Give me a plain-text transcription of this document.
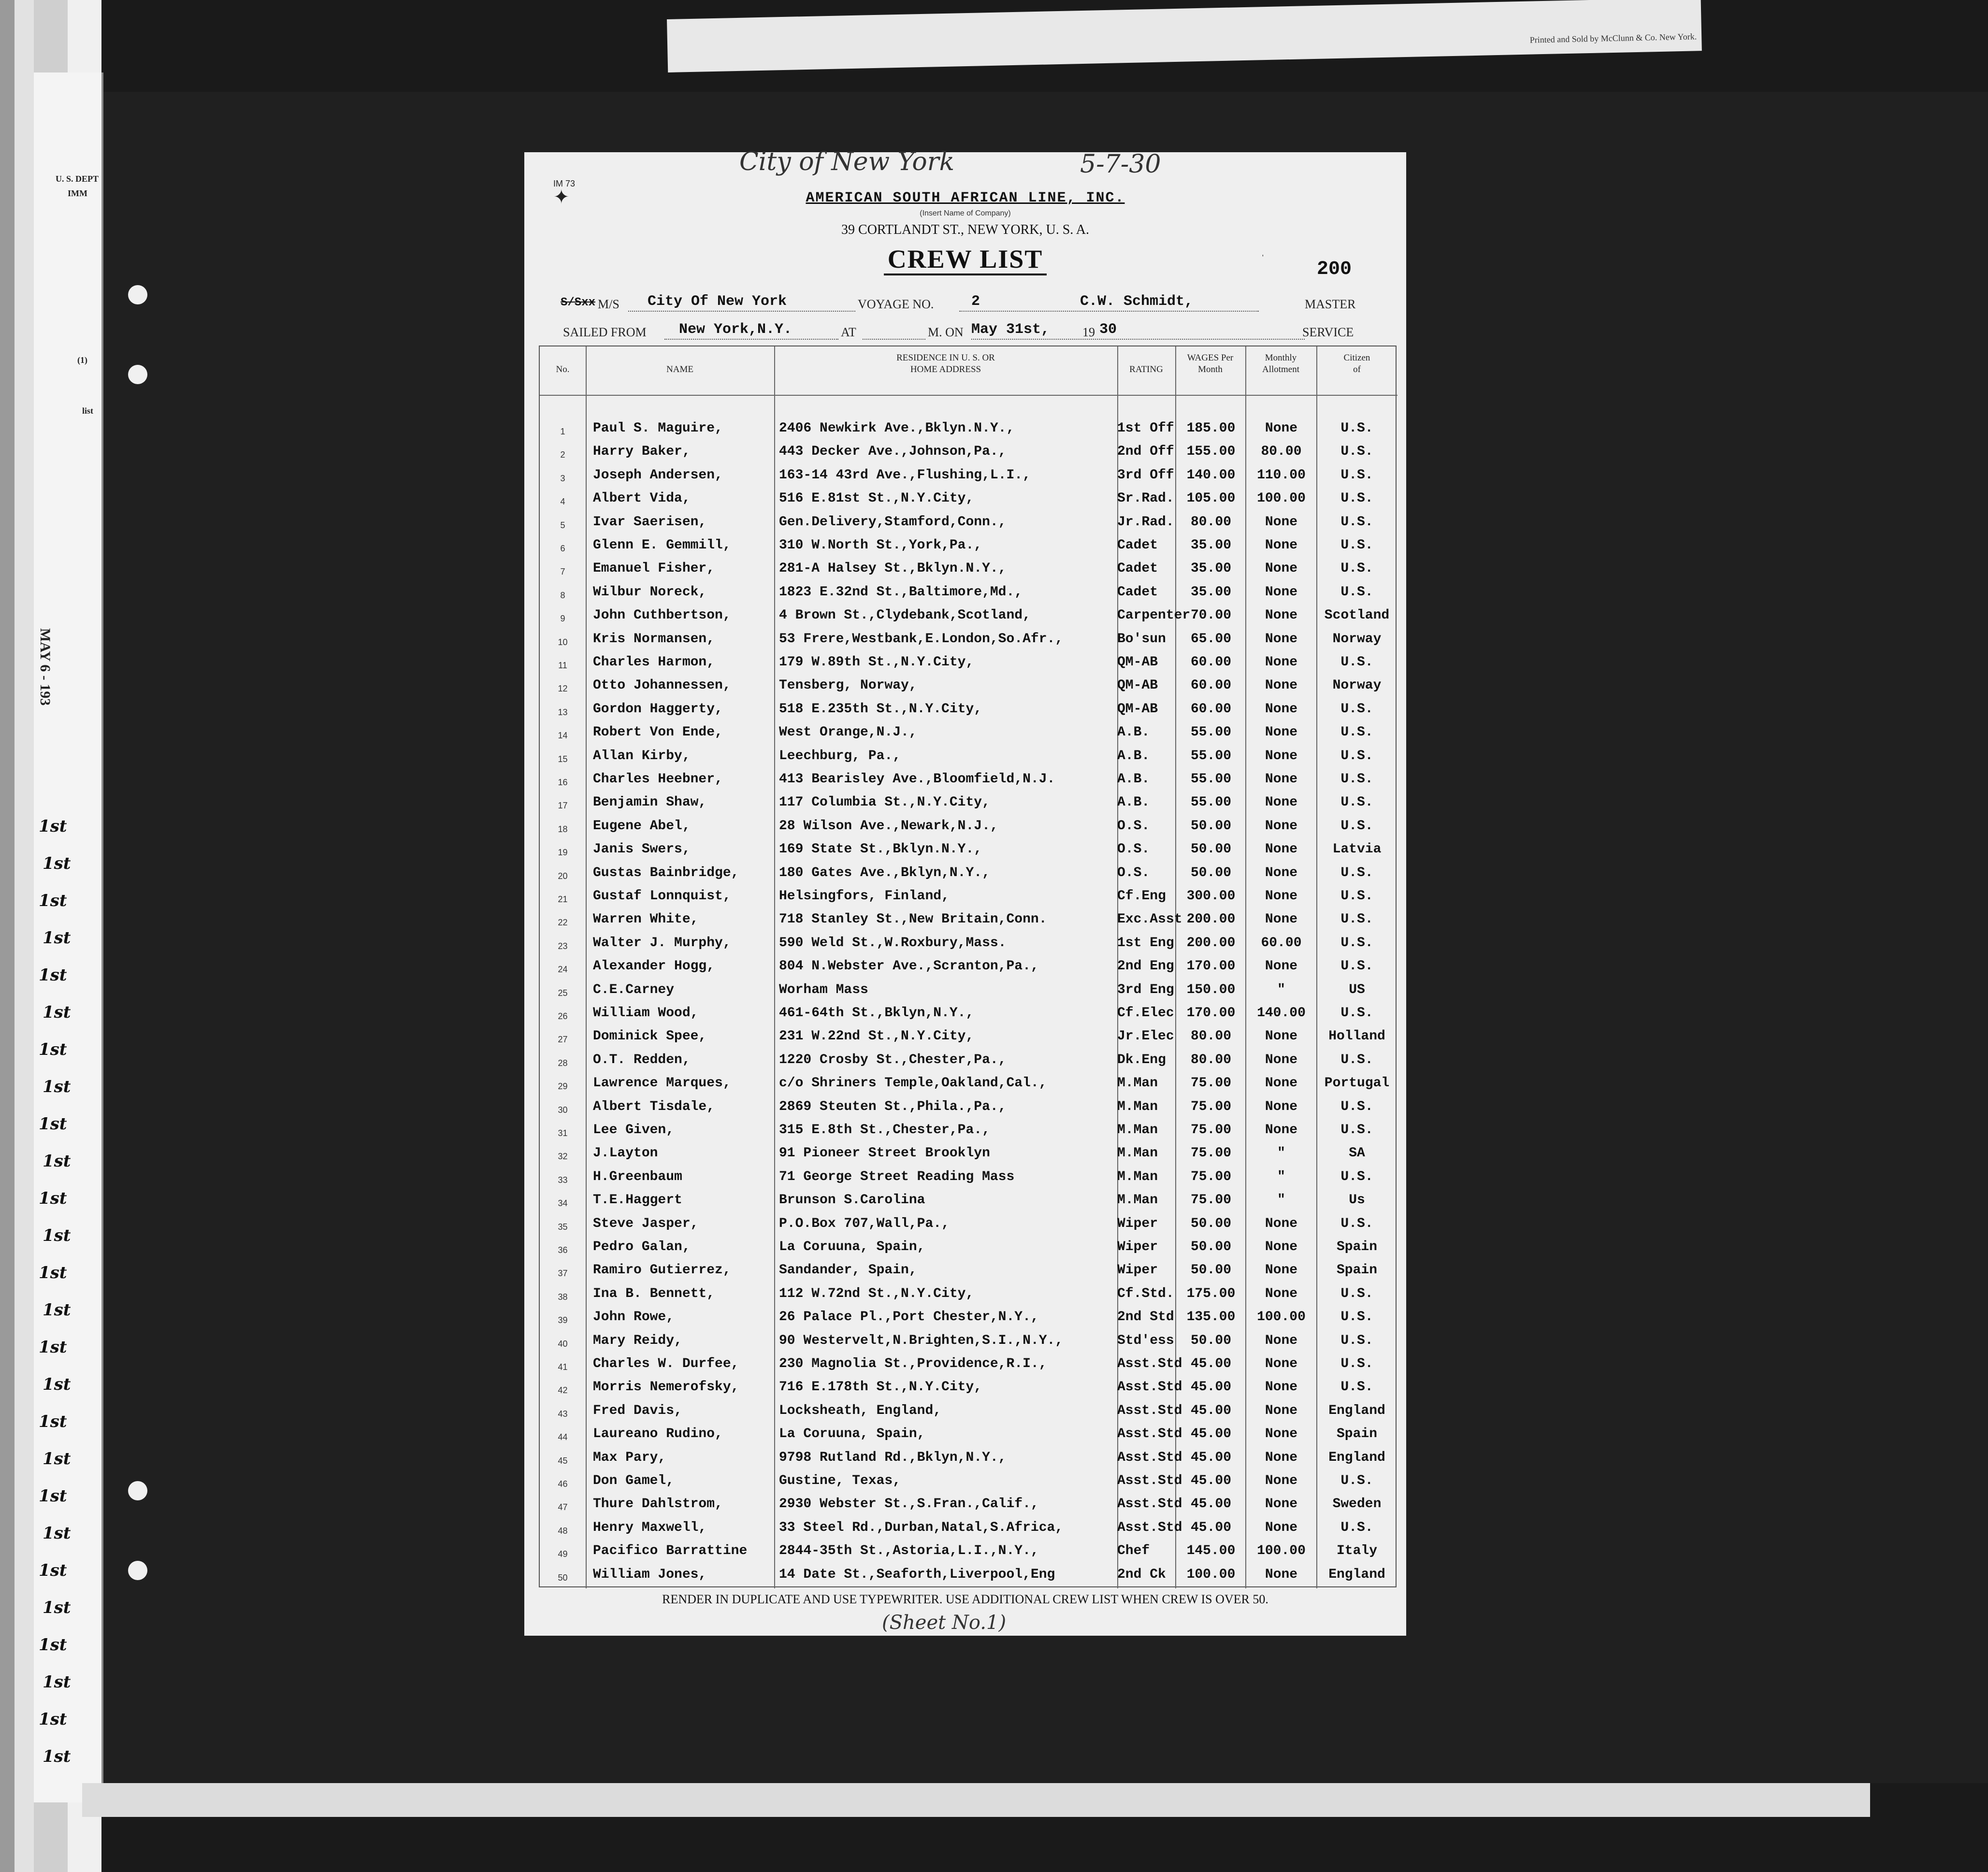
Printed and Sold by McClunn & Co. New York.
U. S. DEPT
IMM
(1)
list
MAY 6 - 193
1st
1st
1st
1st
1st
1st
1st
1st
1st
1st
1st
1st
1st
1st
1st
1st
1st
1st
1st
1st
1st
1st
1st
1st
1st
1st
IM 73
✦
City of New York	5-7-30
AMERICAN SOUTH AFRICAN LINE, INC.
(Insert Name of Company)
39 CORTLANDT ST., NEW YORK, U. S. A.
CREW LIST	ˈ	200
S/Sxx M/S City Of New York	VOYAGE NO.	2	C.W. Schmidt,	MASTER
SAILED FROM New York,N.Y.	AT	M. ON May 31st,	19 30	SERVICE
No.	NAME
RESIDENCE IN U. S. OR HOME ADDRESS	RATING
WAGES Per Month
Monthly Allotment
Citizen of
1	Paul S. Maguire,	2406 Newkirk Ave.,Bklyn.N.Y.,	1st Off 185.00	None	U.S.
2	Harry Baker,	443 Decker Ave.,Johnson,Pa.,	2nd Off 155.00	80.00	U.S.
3	Joseph Andersen,	163-14 43rd Ave.,Flushing,L.I.,	3rd Off 140.00	110.00	U.S.
4	Albert Vida,	516 E.81st St.,N.Y.City,	Sr.Rad. 105.00	100.00	U.S.
5	Ivar Saerisen,	Gen.Delivery,Stamford,Conn.,	Jr.Rad.	80.00	None	U.S.
6	Glenn E. Gemmill,	310 W.North St.,York,Pa.,	Cadet	35.00	None	U.S.
7	Emanuel Fisher,	281-A Halsey St.,Bklyn.N.Y.,	Cadet	35.00	None	U.S.
8	Wilbur Noreck,	1823 E.32nd St.,Baltimore,Md.,	Cadet	35.00	None	U.S.
9	John Cuthbertson,	4 Brown St.,Clydebank,Scotland,	Carpenter 70.00	None	Scotland
10	Kris Normansen,	53 Frere,Westbank,E.London,So.Afr.,	Bo'sun	65.00	None	Norway
11	Charles Harmon,	179 W.89th St.,N.Y.City,	QM-AB	60.00	None	U.S.
12	Otto Johannessen,	Tensberg, Norway,	QM-AB	60.00	None	Norway
13	Gordon Haggerty,	518 E.235th St.,N.Y.City,	QM-AB	60.00	None	U.S.
14	Robert Von Ende,	West Orange,N.J.,	A.B.	55.00	None	U.S.
15	Allan Kirby,	Leechburg, Pa.,	A.B.	55.00	None	U.S.
16	Charles Heebner,	413 Bearisley Ave.,Bloomfield,N.J.	A.B.	55.00	None	U.S.
17	Benjamin Shaw,	117 Columbia St.,N.Y.City,	A.B.	55.00	None	U.S.
18	Eugene Abel,	28 Wilson Ave.,Newark,N.J.,	O.S.	50.00	None	U.S.
19	Janis Swers,	169 State St.,Bklyn.N.Y.,	O.S.	50.00	None	Latvia
20	Gustas Bainbridge,	180 Gates Ave.,Bklyn,N.Y.,	O.S.	50.00	None	U.S.
21	Gustaf Lonnquist,	Helsingfors, Finland,	Cf.Eng	300.00	None	U.S.
22	Warren White,	718 Stanley St.,New Britain,Conn.	Exc.Asst 200.00	None	U.S.
23	Walter J. Murphy,	590 Weld St.,W.Roxbury,Mass.	1st Eng 200.00	60.00	U.S.
24	Alexander Hogg,	804 N.Webster Ave.,Scranton,Pa.,	2nd Eng 170.00	None	U.S.
25	C.E.Carney	Worham Mass	3rd Eng 150.00	"	US
26	William Wood,	461-64th St.,Bklyn,N.Y.,	Cf.Elec 170.00	140.00	U.S.
27	Dominick Spee,	231 W.22nd St.,N.Y.City,	Jr.Elec	80.00	None	Holland
28	O.T. Redden,	1220 Crosby St.,Chester,Pa.,	Dk.Eng	80.00	None	U.S.
29	Lawrence Marques,	c/o Shriners Temple,Oakland,Cal.,	M.Man	75.00	None	Portugal
30	Albert Tisdale,	2869 Steuten St.,Phila.,Pa.,	M.Man	75.00	None	U.S.
31	Lee Given,	315 E.8th St.,Chester,Pa.,	M.Man	75.00	None	U.S.
32	J.Layton	91 Pioneer Street Brooklyn	M.Man	75.00	"	SA
33	H.Greenbaum	71 George Street Reading Mass	M.Man	75.00	"	U.S.
34	T.E.Haggert	Brunson S.Carolina	M.Man	75.00	"	Us
35	Steve Jasper,	P.O.Box 707,Wall,Pa.,	Wiper	50.00	None	U.S.
36	Pedro Galan,	La Coruuna, Spain,	Wiper	50.00	None	Spain
37	Ramiro Gutierrez,	Sandander, Spain,	Wiper	50.00	None	Spain
38	Ina B. Bennett,	112 W.72nd St.,N.Y.City,	Cf.Std. 175.00	None	U.S.
39	John Rowe,	26 Palace Pl.,Port Chester,N.Y.,	2nd Std 135.00	100.00	U.S.
40	Mary Reidy,	90 Westervelt,N.Brighten,S.I.,N.Y.,	Std'ess	50.00	None	U.S.
41	Charles W. Durfee,	230 Magnolia St.,Providence,R.I.,	Asst.Std 45.00	None	U.S.
42	Morris Nemerofsky,	716 E.178th St.,N.Y.City,	Asst.Std 45.00	None	U.S.
43	Fred Davis,	Locksheath, England,	Asst.Std 45.00	None	England
44	Laureano Rudino,	La Coruuna, Spain,	Asst.Std 45.00	None	Spain
45	Max Pary,	9798 Rutland Rd.,Bklyn,N.Y.,	Asst.Std 45.00	None	England
46	Don Gamel,	Gustine, Texas,	Asst.Std 45.00	None	U.S.
47	Thure Dahlstrom,	2930 Webster St.,S.Fran.,Calif.,	Asst.Std 45.00	None	Sweden
48	Henry Maxwell,	33 Steel Rd.,Durban,Natal,S.Africa,	Asst.Std 45.00	None	U.S.
49	Pacifico Barrattine	2844-35th St.,Astoria,L.I.,N.Y.,	Chef	145.00	100.00	Italy
50	William Jones,	14 Date St.,Seaforth,Liverpool,Eng	2nd Ck	100.00	None	England
RENDER IN DUPLICATE AND USE TYPEWRITER. USE ADDITIONAL CREW LIST WHEN CREW IS OVER 50.
(Sheet No.1)
